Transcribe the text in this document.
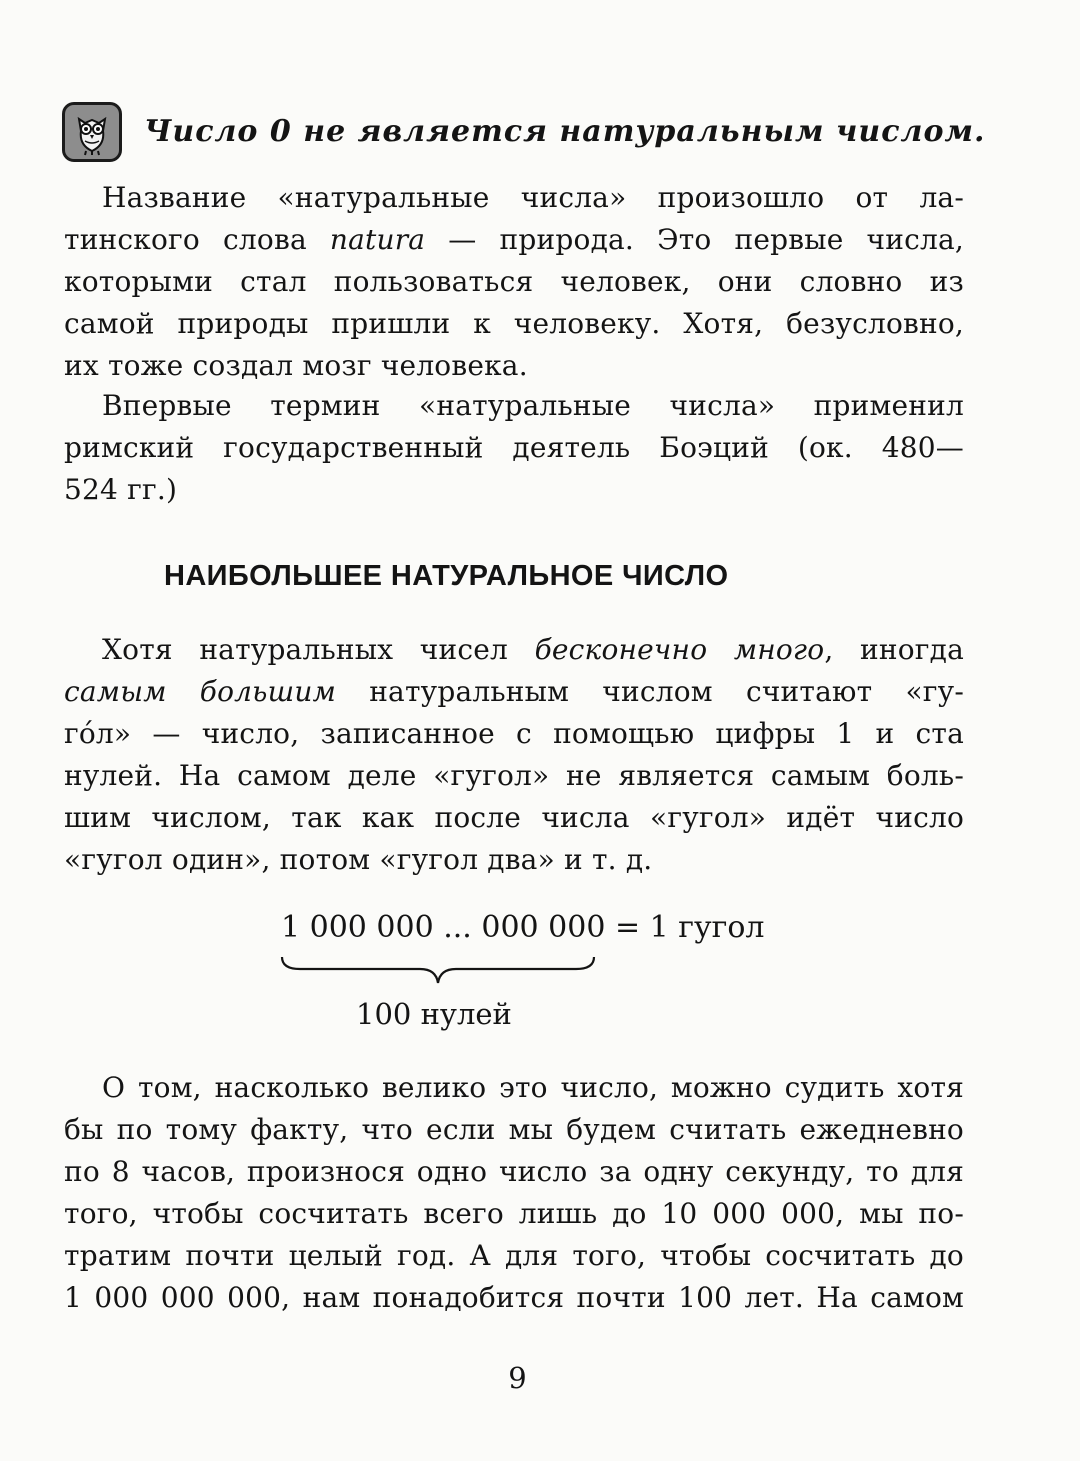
Число 0 не является натуральным числом.
Название «натуральные числа» произошло от ла-
тинского слова natura — природа. Это первые числа,
которыми стал пользоваться человек, они словно из
самой природы пришли к человеку. Хотя, безусловно,
их тоже создал мозг человека.
Впервые термин «натуральные числа» применил
римский государственный деятель Боэций (ок. 480—
524 гг.)
НАИБОЛЬШЕЕ НАТУРАЛЬНОЕ ЧИСЛО
Хотя натуральных чисел бесконечно много, иногда
самым большим натуральным числом считают «гу-
го́л» — число, записанное с помощью цифры 1 и ста
нулей. На самом деле «гугол» не является самым боль-
шим числом, так как после числа «гугол» идёт число
«гугол один», потом «гугол два» и т. д.
1 000 000 ... 000 000 = 1 гугол
100 нулей
О том, насколько велико это число, можно судить хотя
бы по тому факту, что если мы будем считать ежедневно
по 8 часов, произнося одно число за одну секунду, то для
того, чтобы сосчитать всего лишь до 10 000 000, мы по-
тратим почти целый год. А для того, чтобы сосчитать до
1 000 000 000, нам понадобится почти 100 лет. На самом
9
